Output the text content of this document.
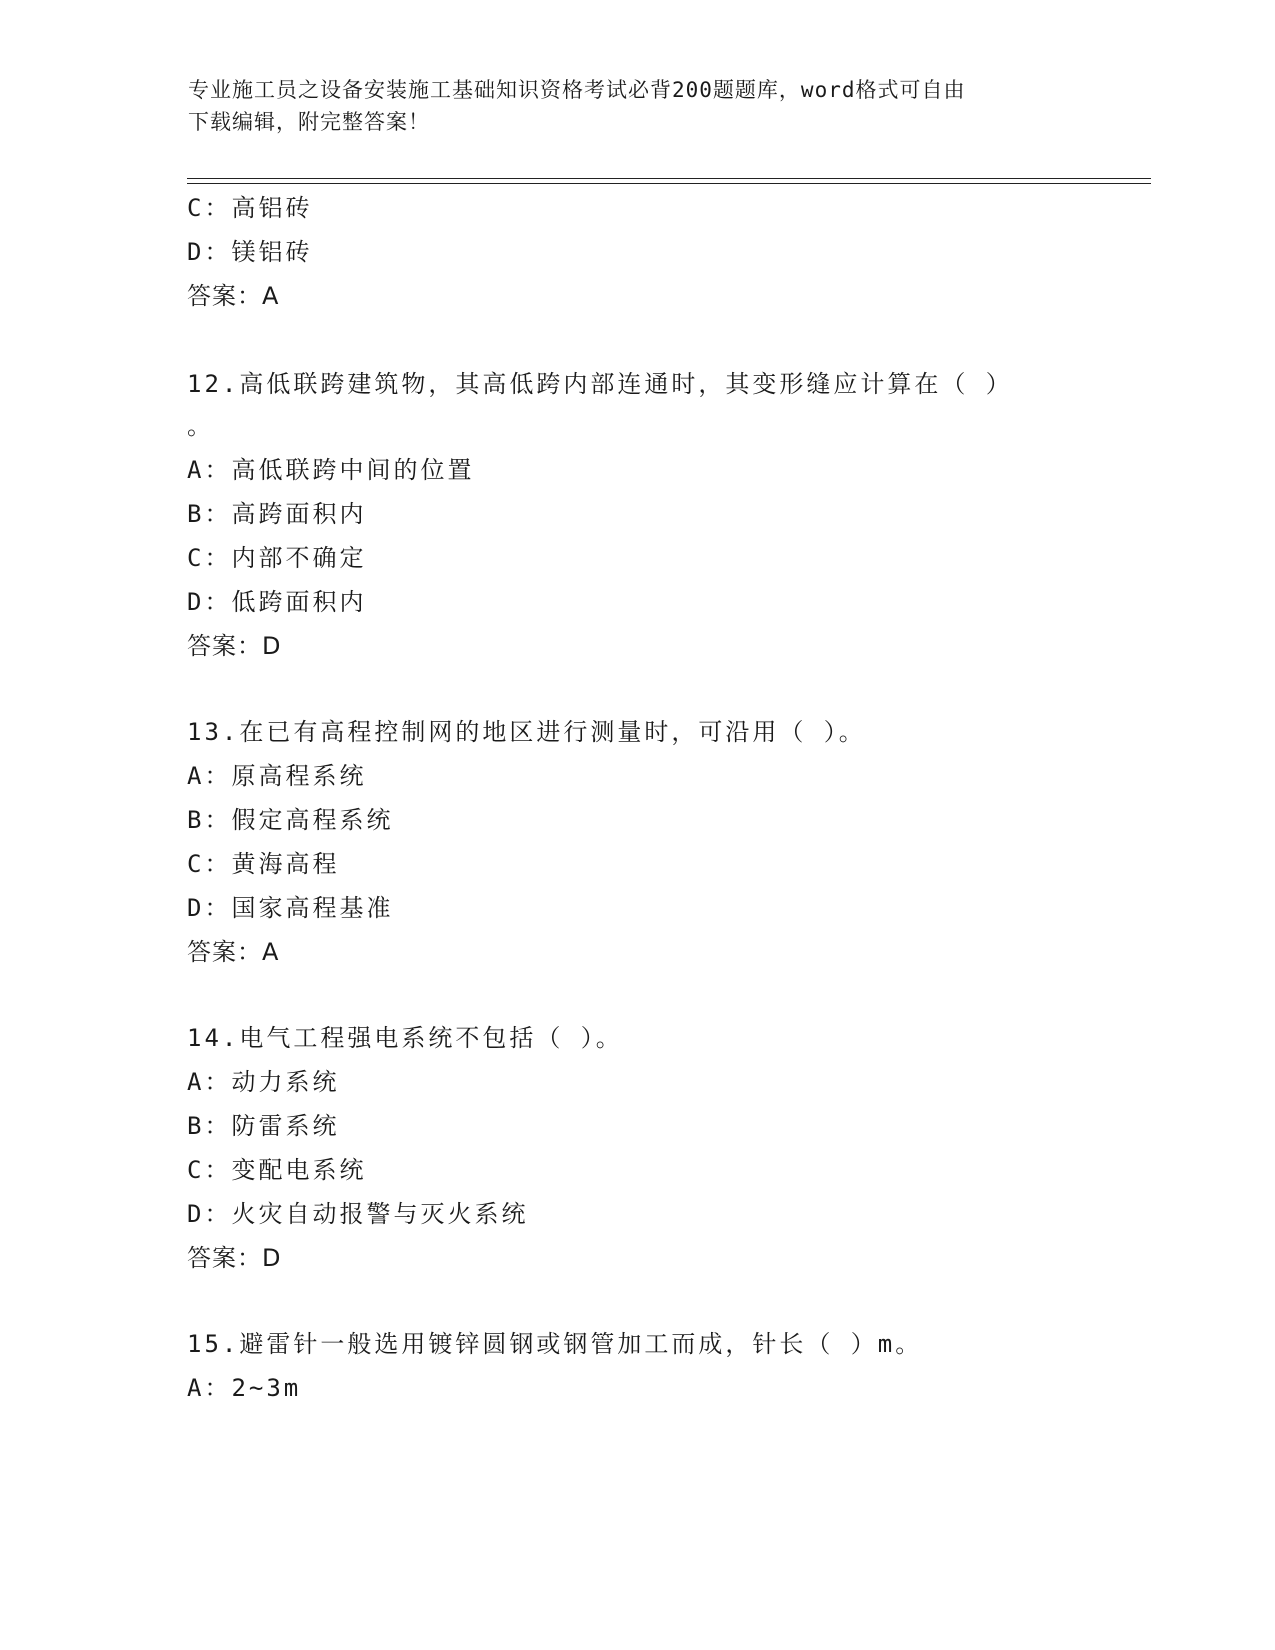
专业施工员之设备安装施工基础知识资格考试必背200题题库，word格式可自由
下载编辑，附完整答案！
C：高铝砖
D：镁铝砖
答案：A
12.高低联跨建筑物，其高低跨内部连通时，其变形缝应计算在（ ）
。
A：高低联跨中间的位置
B：高跨面积内
C：内部不确定
D：低跨面积内
答案：D
13.在已有高程控制网的地区进行测量时，可沿用（ ）。
A：原高程系统
B：假定高程系统
C：黄海高程
D：国家高程基准
答案：A
14.电气工程强电系统不包括（ ）。
A：动力系统
B：防雷系统
C：变配电系统
D：火灾自动报警与灭火系统
答案：D
15.避雷针一般选用镀锌圆钢或钢管加工而成，针长（ ）m。
A：2~3m
